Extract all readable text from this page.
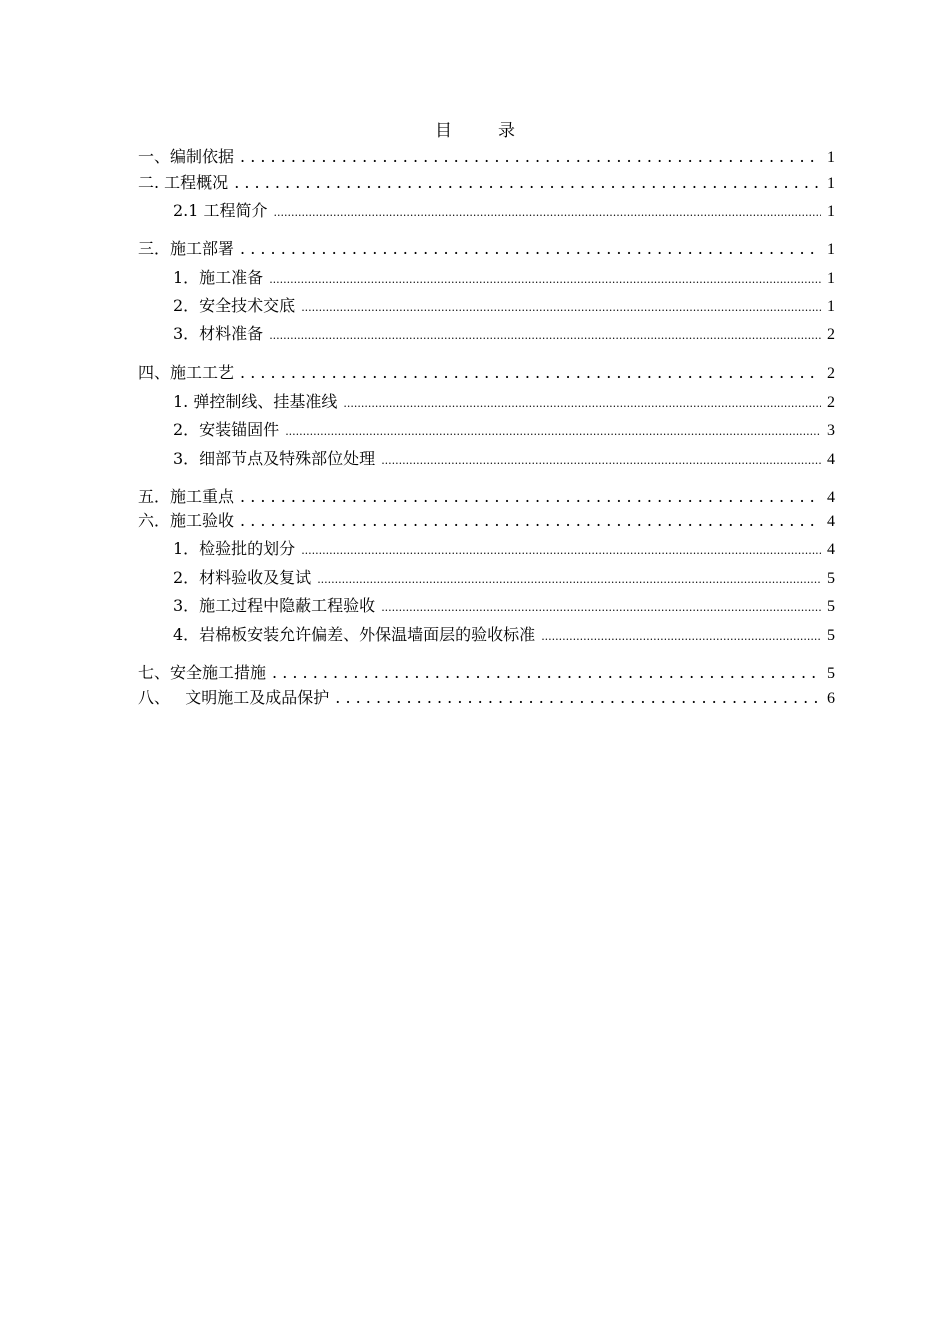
目	录
一、编制依据 . . .	1
二. 工程概况 . . .	1
2.1 工程简介 .....	1
三．施工部署 . . .	1
1．施工准备 .....	1
2．安全技术交底 .....	1
3．材料准备 .....	2
四、施工工艺 . . .	2
1. 弹控制线、挂基准线 .....	2
2．安装锚固件 .....	3
3．细部节点及特殊部位处理 .....	4
五．施工重点 . . .	4
六．施工验收 . . .	4
1．检验批的划分 .....	4
2．材料验收及复试 .....	5
3．施工过程中隐蔽工程验收 .....	5
4．岩棉板安装允许偏差、外保温墙面层的验收标准 .....	5
七、安全施工措施 . . .	5
八、   文明施工及成品保护 . . .	6
